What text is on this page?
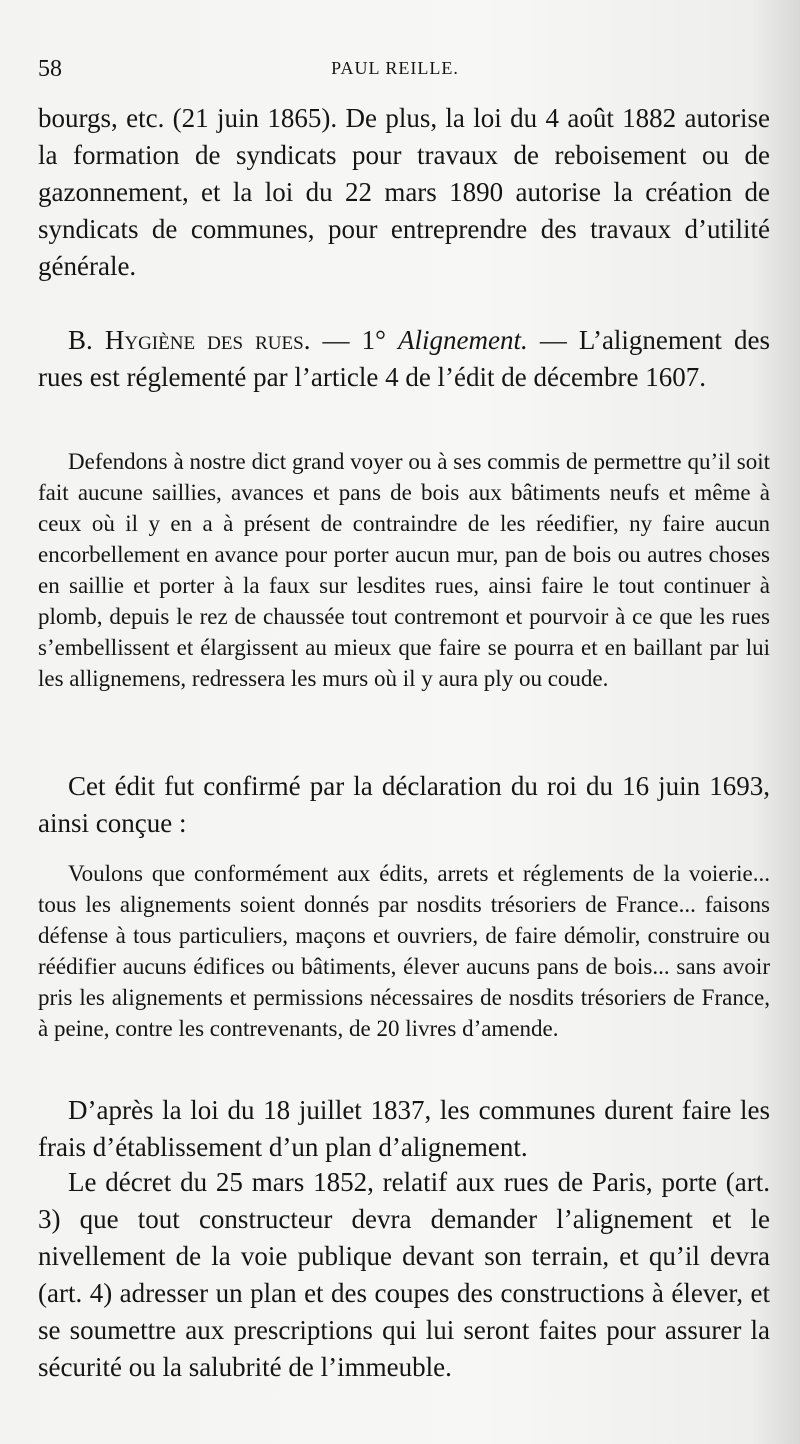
58	PAUL REILLE.

bourgs, etc. (21 juin 1865). De plus, la loi du 4 août 1882 autorise la formation de syndicats pour travaux de reboisement ou de gazonnement, et la loi du 22 mars 1890 autorise la création de syndicats de communes, pour entreprendre des travaux d’utilité générale.

B. Hygiène des rues. — 1° Alignement. — L’alignement des rues est réglementé par l’article 4 de l’édit de décembre 1607.

Defendons à nostre dict grand voyer ou à ses commis de permettre qu’il soit fait aucune saillies, avances et pans de bois aux bâtiments neufs et même à ceux où il y en a à présent de contraindre de les réedifier, ny faire aucun encorbellement en avance pour porter aucun mur, pan de bois ou autres choses en saillie et porter à la faux sur lesdites rues, ainsi faire le tout continuer à plomb, depuis le rez de chaussée tout contremont et pourvoir à ce que les rues s’embellissent et élargissent au mieux que faire se pourra et en baillant par lui les allignemens, redressera les murs où il y aura ply ou coude.

Cet édit fut confirmé par la déclaration du roi du 16 juin 1693, ainsi conçue :

Voulons que conformément aux édits, arrets et réglements de la voierie... tous les alignements soient donnés par nosdits trésoriers de France... faisons défense à tous particuliers, maçons et ouvriers, de faire démolir, construire ou réédifier aucuns édifices ou bâtiments, élever aucuns pans de bois... sans avoir pris les alignements et permissions nécessaires de nosdits trésoriers de France, à peine, contre les contrevenants, de 20 livres d’amende.

D’après la loi du 18 juillet 1837, les communes durent faire les frais d’établissement d’un plan d’alignement.

Le décret du 25 mars 1852, relatif aux rues de Paris, porte (art. 3) que tout constructeur devra demander l’alignement et le nivellement de la voie publique devant son terrain, et qu’il devra (art. 4) adresser un plan et des coupes des constructions à élever, et se soumettre aux prescriptions qui lui seront faites pour assurer la sécurité ou la salubrité de l’immeuble.
